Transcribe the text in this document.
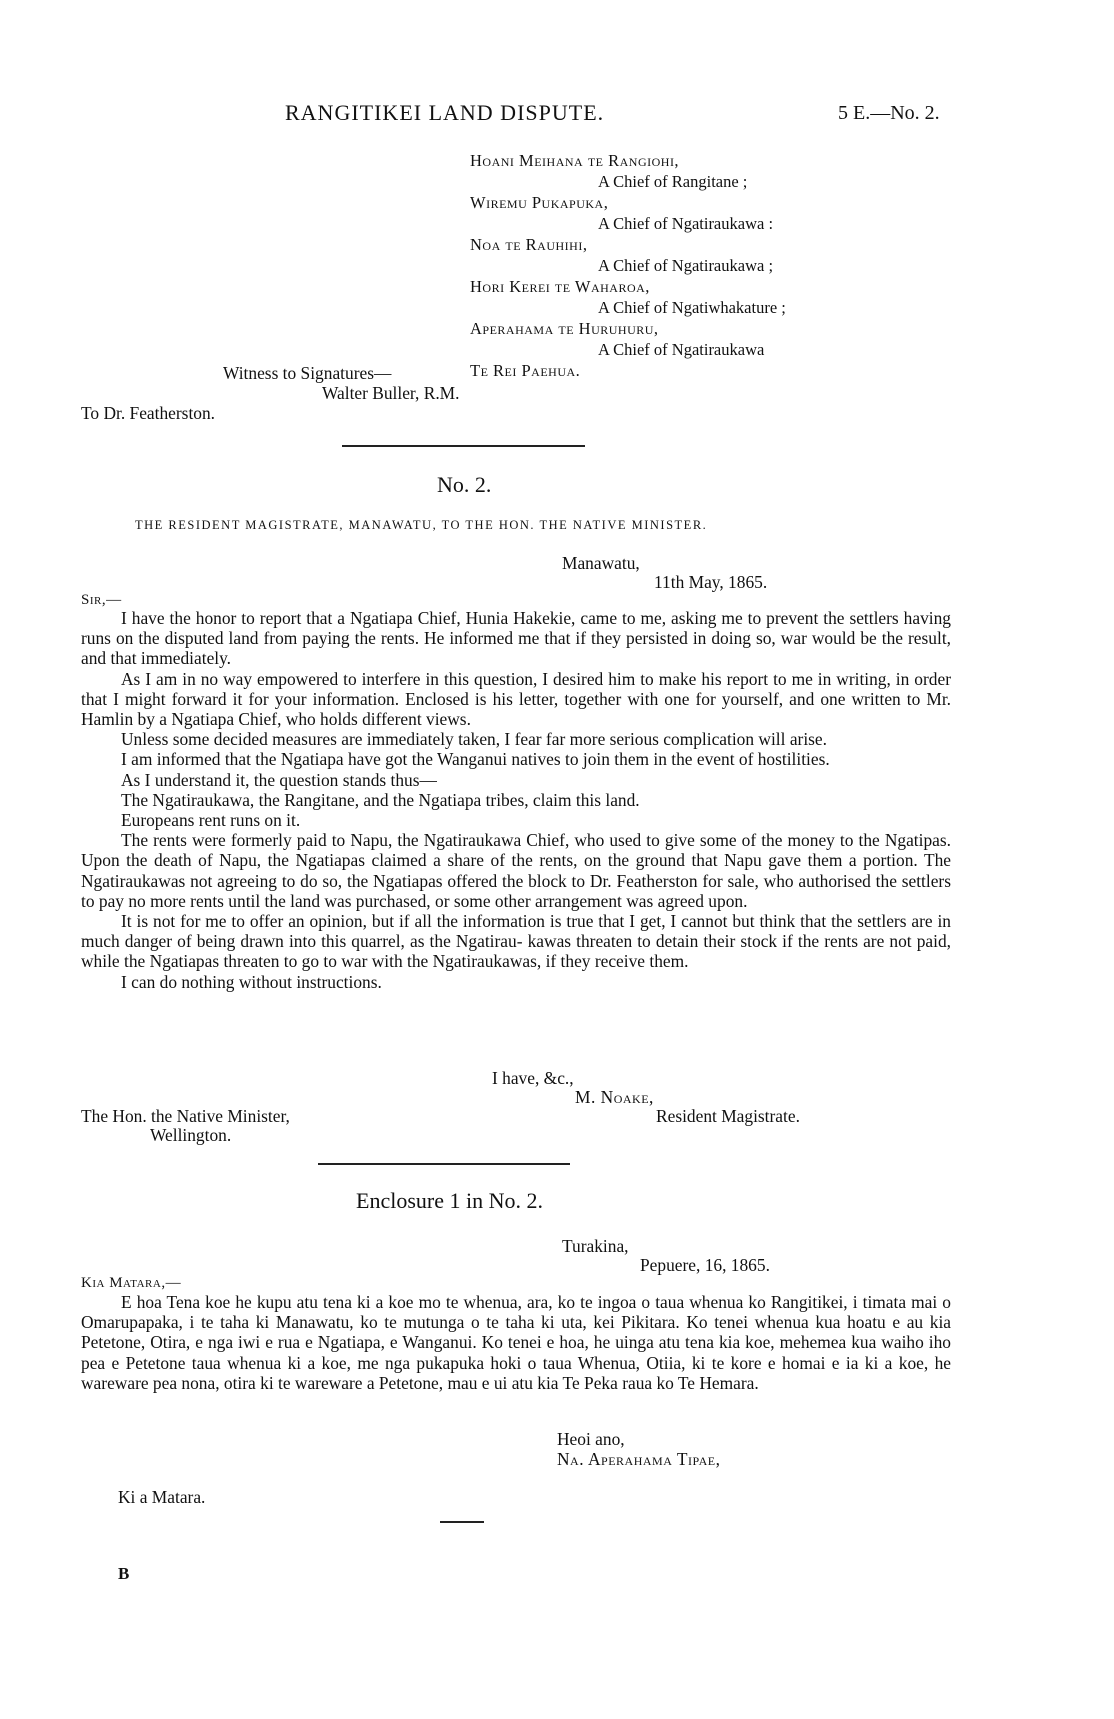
RANGITIKEI LAND DISPUTE.	5 E.—No. 2.
Hoani Meihana te Rangiohi,
A Chief of Rangitane ;
Wiremu Pukapuka,
A Chief of Ngatiraukawa :
Noa te Rauhihi,
A Chief of Ngatiraukawa ;
Hori Kerei te Waharoa,
A Chief of Ngatiwhakature ;
Aperahama te Huruhuru,
A Chief of Ngatiraukawa
Te Rei Paehua.
Witness to Signatures—
Walter Buller, R.M.
To Dr. Featherston.
No. 2.
THE RESIDENT MAGISTRATE, MANAWATU, TO THE HON. THE NATIVE MINISTER.
Manawatu,
11th May, 1865.
Sir,—

I have the honor to report that a Ngatiapa Chief, Hunia Hakekie, came to me, asking me to prevent the settlers having runs on the disputed land from paying the rents. He informed me that if they persisted in doing so, war would be the result, and that immediately.

As I am in no way empowered to interfere in this question, I desired him to make his report to me in writing, in order that I might forward it for your information. Enclosed is his letter, together with one for yourself, and one written to Mr. Hamlin by a Ngatiapa Chief, who holds different views.

Unless some decided measures are immediately taken, I fear far more serious complication will arise.

I am informed that the Ngatiapa have got the Wanganui natives to join them in the event of hostilities.

As I understand it, the question stands thus—

The Ngatiraukawa, the Rangitane, and the Ngatiapa tribes, claim this land.

Europeans rent runs on it.

The rents were formerly paid to Napu, the Ngatiraukawa Chief, who used to give some of the money to the Ngatipas. Upon the death of Napu, the Ngatiapas claimed a share of the rents, on the ground that Napu gave them a portion. The Ngatiraukawas not agreeing to do so, the Ngatiapas offered the block to Dr. Featherston for sale, who authorised the settlers to pay no more rents until the land was purchased, or some other arrangement was agreed upon.

It is not for me to offer an opinion, but if all the information is true that I get, I cannot but think that the settlers are in much danger of being drawn into this quarrel, as the Ngatirau- kawas threaten to detain their stock if the rents are not paid, while the Ngatiapas threaten to go to war with the Ngatiraukawas, if they receive them.

I can do nothing without instructions.

I have, &c.,
M. Noake,
Resident Magistrate.
The Hon. the Native Minister,
Wellington.
Enclosure 1 in No. 2.
Turakina,
Pepuere, 16, 1865.
Kia Matara,—

E hoa Tena koe he kupu atu tena ki a koe mo te whenua, ara, ko te ingoa o taua whenua ko Rangitikei, i timata mai o Omarupapaka, i te taha ki Manawatu, ko te mutunga o te taha ki uta, kei Pikitara. Ko tenei whenua kua hoatu e au kia Petetone, Otira, e nga iwi e rua e Ngatiapa, e Wanganui. Ko tenei e hoa, he uinga atu tena kia koe, mehemea kua waiho iho pea e Petetone taua whenua ki a koe, me nga pukapuka hoki o taua Whenua, Otiia, ki te kore e homai e ia ki a koe, he wareware pea nona, otira ki te wareware a Petetone, mau e ui atu kia Te Peka raua ko Te Hemara.

Heoi ano,
Na. Aperahama Tipae,
Ki a Matara.
B
